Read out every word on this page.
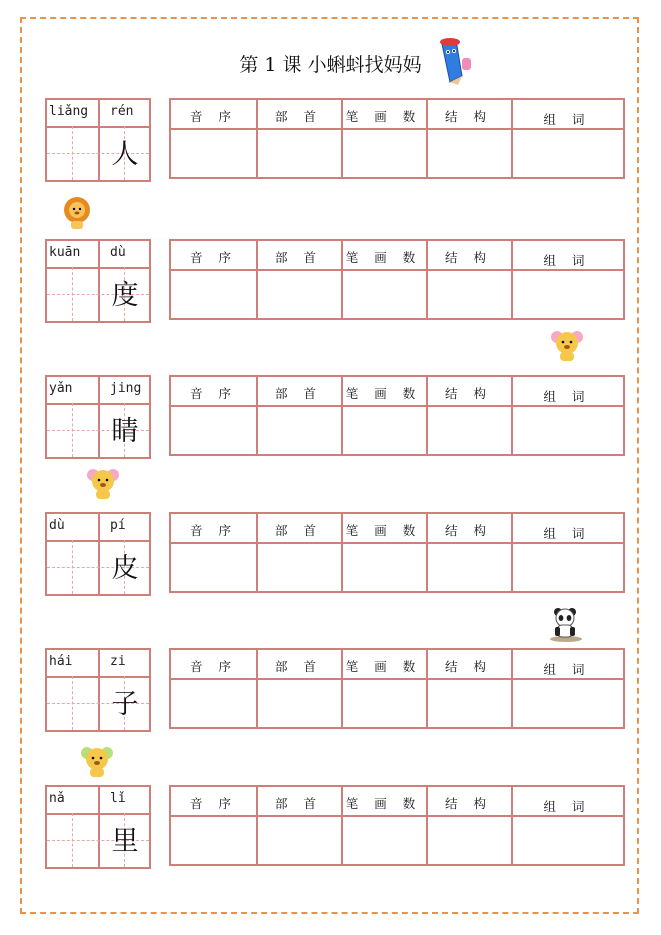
第 1 课 小蝌蚪找妈妈
liǎng rén
人
音 序	部 首	笔 画 数	结 构	组 词
kuān dù
度
音 序	部 首	笔 画 数	结 构	组 词
yǎn	jing
睛
音 序	部 首	笔 画 数	结 构	组 词
dù	pí
皮
音 序	部 首	笔 画 数	结 构	组 词
hái	zi
子
音 序	部 首	笔 画 数	结 构	组 词
nǎ	lǐ
里
音 序	部 首	笔 画 数	结 构	组 词
